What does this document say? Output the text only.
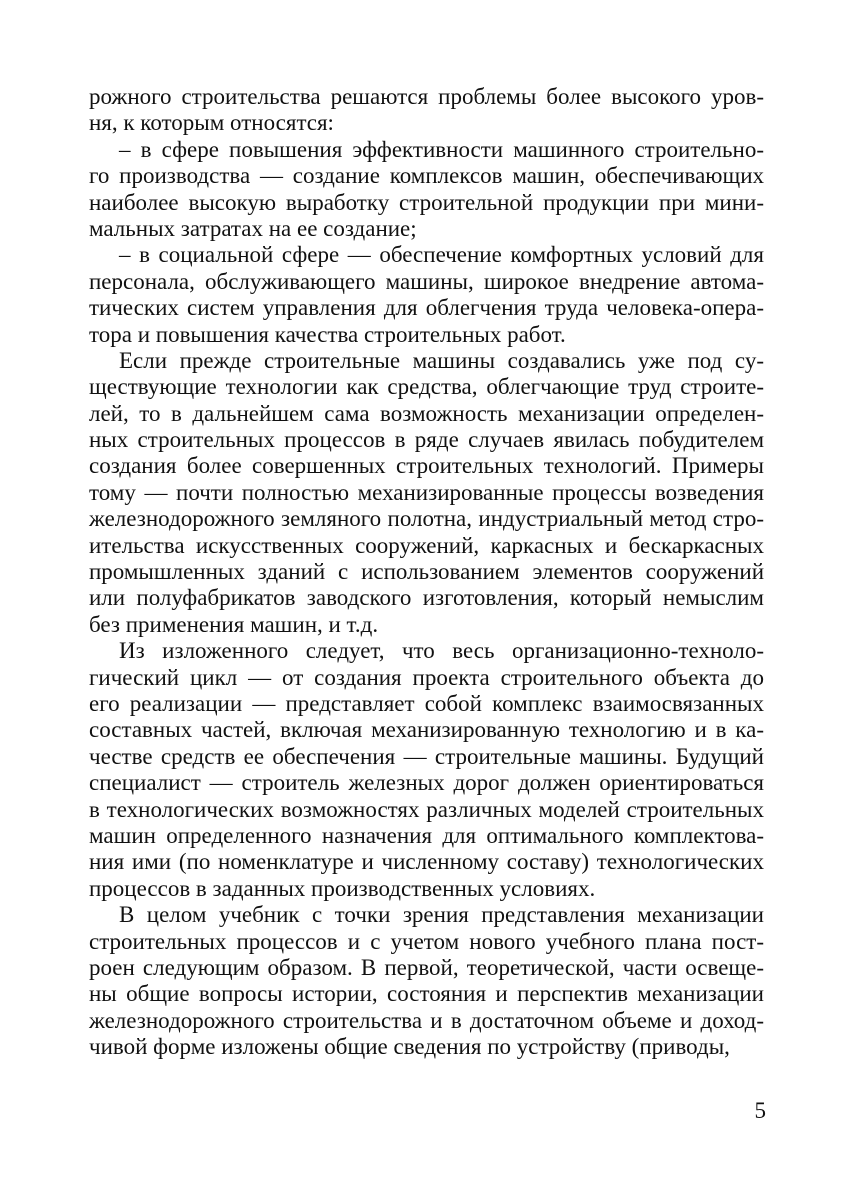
рожного строительства решаются проблемы более высокого уров-
ня, к которым относятся:
– в сфере повышения эффективности машинного строительно-
го производства — создание комплексов машин, обеспечивающих
наиболее высокую выработку строительной продукции при мини-
мальных затратах на ее создание;
– в социальной сфере — обеспечение комфортных условий для
персонала, обслуживающего машины, широкое внедрение автома-
тических систем управления для облегчения труда человека-опера-
тора и повышения качества строительных работ.
Если прежде строительные машины создавались уже под су-
ществующие технологии как средства, облегчающие труд строите-
лей, то в дальнейшем сама возможность механизации определен-
ных строительных процессов в ряде случаев явилась побудителем
создания более совершенных строительных технологий. Примеры
тому — почти полностью механизированные процессы возведения
железнодорожного земляного полотна, индустриальный метод стро-
ительства искусственных сооружений, каркасных и бескаркасных
промышленных зданий с использованием элементов сооружений
или полуфабрикатов заводского изготовления, который немыслим
без применения машин, и т.д.
Из изложенного следует, что весь организационно-техноло-
гический цикл — от создания проекта строительного объекта до
его реализации — представляет собой комплекс взаимосвязанных
составных частей, включая механизированную технологию и в ка-
честве средств ее обеспечения — строительные машины. Будущий
специалист — строитель железных дорог должен ориентироваться
в технологических возможностях различных моделей строительных
машин определенного назначения для оптимального комплектова-
ния ими (по номенклатуре и численному составу) технологических
процессов в заданных производственных условиях.
В целом учебник с точки зрения представления механизации
строительных процессов и с учетом нового учебного плана пост-
роен следующим образом. В первой, теоретической, части освеще-
ны общие вопросы истории, состояния и перспектив механизации
железнодорожного строительства и в достаточном объеме и доход-
чивой форме изложены общие сведения по устройству (приводы,
5
